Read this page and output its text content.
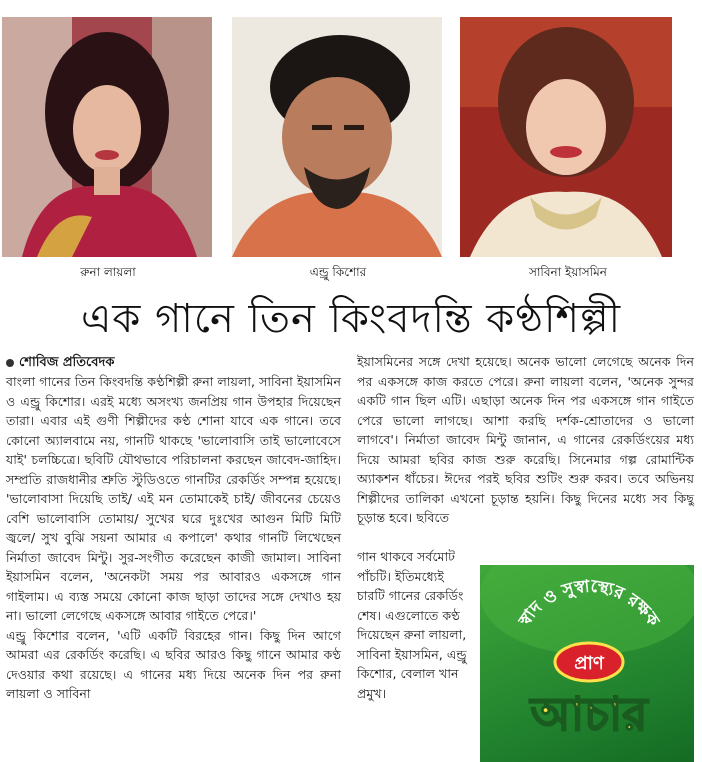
রুনা লায়লা	এন্ড্রু কিশোর	সাবিনা ইয়াসমিন
এক গানে তিন কিংবদন্তি কণ্ঠশিল্পী
শোবিজ প্রতিবেদক

বাংলা গানের তিন কিংবদন্তি কণ্ঠশিল্পী রুনা লায়লা, সাবিনা ইয়াসমিন ও এন্ড্রু কিশোর। এরই মধ্যে অসংখ্য জনপ্রিয় গান উপহার দিয়েছেন তারা। এবার এই গুণী শিল্পীদের কণ্ঠ শোনা যাবে এক গানে। তবে কোনো অ্যালবামে নয়, গানটি থাকছে 'ভালোবাসি তাই ভালোবেসে যাই' চলচ্চিত্রে। ছবিটি যৌথভাবে পরিচালনা করছেন জাবেদ-জাহিদ। সম্প্রতি রাজধানীর শ্রুতি স্টুডিওতে গানটির রেকর্ডিং সম্পন্ন হয়েছে। 'ভালোবাসা দিয়েছি তাই/ এই মন তোমাকেই চাই/ জীবনের চেয়েও বেশি ভালোবাসি তোমায়/ সুখের ঘরে দুঃখের আগুন মিটি মিটি জ্বলে/ সুখ বুঝি সয়না আমার এ কপালে' কথার গানটি লিখেছেন নির্মাতা জাবেদ মিন্টু। সুর-সংগীত করেছেন কাজী জামাল। সাবিনা ইয়াসমিন বলেন, 'অনেকটা সময় পর আবারও একসঙ্গে গান গাইলাম। এ ব্যস্ত সময়ে কোনো কাজ ছাড়া তাদের সঙ্গে দেখাও হয় না। ভালো লেগেছে একসঙ্গে আবার গাইতে পেরে।'

এন্ড্রু কিশোর বলেন, 'এটি একটি বিরহের গান। কিছু দিন আগে আমরা এর রেকর্ডিং করেছি। এ ছবির আরও কিছু গানে আমার কণ্ঠ দেওয়ার কথা রয়েছে। এ গানের মধ্য দিয়ে অনেক দিন পর রুনা লায়লা ও সাবিনা

ইয়াসমিনের সঙ্গে দেখা হয়েছে। অনেক ভালো লেগেছে অনেক দিন পর একসঙ্গে কাজ করতে পেরে। রুনা লায়লা বলেন, 'অনেক সুন্দর একটি গান ছিল এটি। এছাড়া অনেক দিন পর একসঙ্গে গান গাইতে পেরে ভালো লাগছে। আশা করছি দর্শক-শ্রোতাদের ও ভালো লাগবে'। নির্মাতা জাবেদ মিন্টু জানান, এ গানের রেকর্ডিংয়ের মধ্য দিয়ে আমরা ছবির কাজ শুরু করেছি। সিনেমার গল্প রোমান্টিক অ্যাকশন ধাঁচের। ঈদের পরই ছবির শুটিং শুরু করব। তবে অভিনয় শিল্পীদের তালিকা এখনো চূড়ান্ত হয়নি। কিছু দিনের মধ্যে সব কিছু চূড়ান্ত হবে। ছবিতে

গান থাকবে সর্বমোট পাঁচটি। ইতিমধ্যেই চারটি গানের রেকর্ডিং শেষ। এগুলোতে কণ্ঠ দিয়েছেন রুনা লায়লা, সাবিনা ইয়াসমিন, এন্ড্রু কিশোর, বেলাল খান প্রমুখ।

স্বাদ ও সুস্বাস্থ্যের রক্ষক
প্রাণ
আচার
